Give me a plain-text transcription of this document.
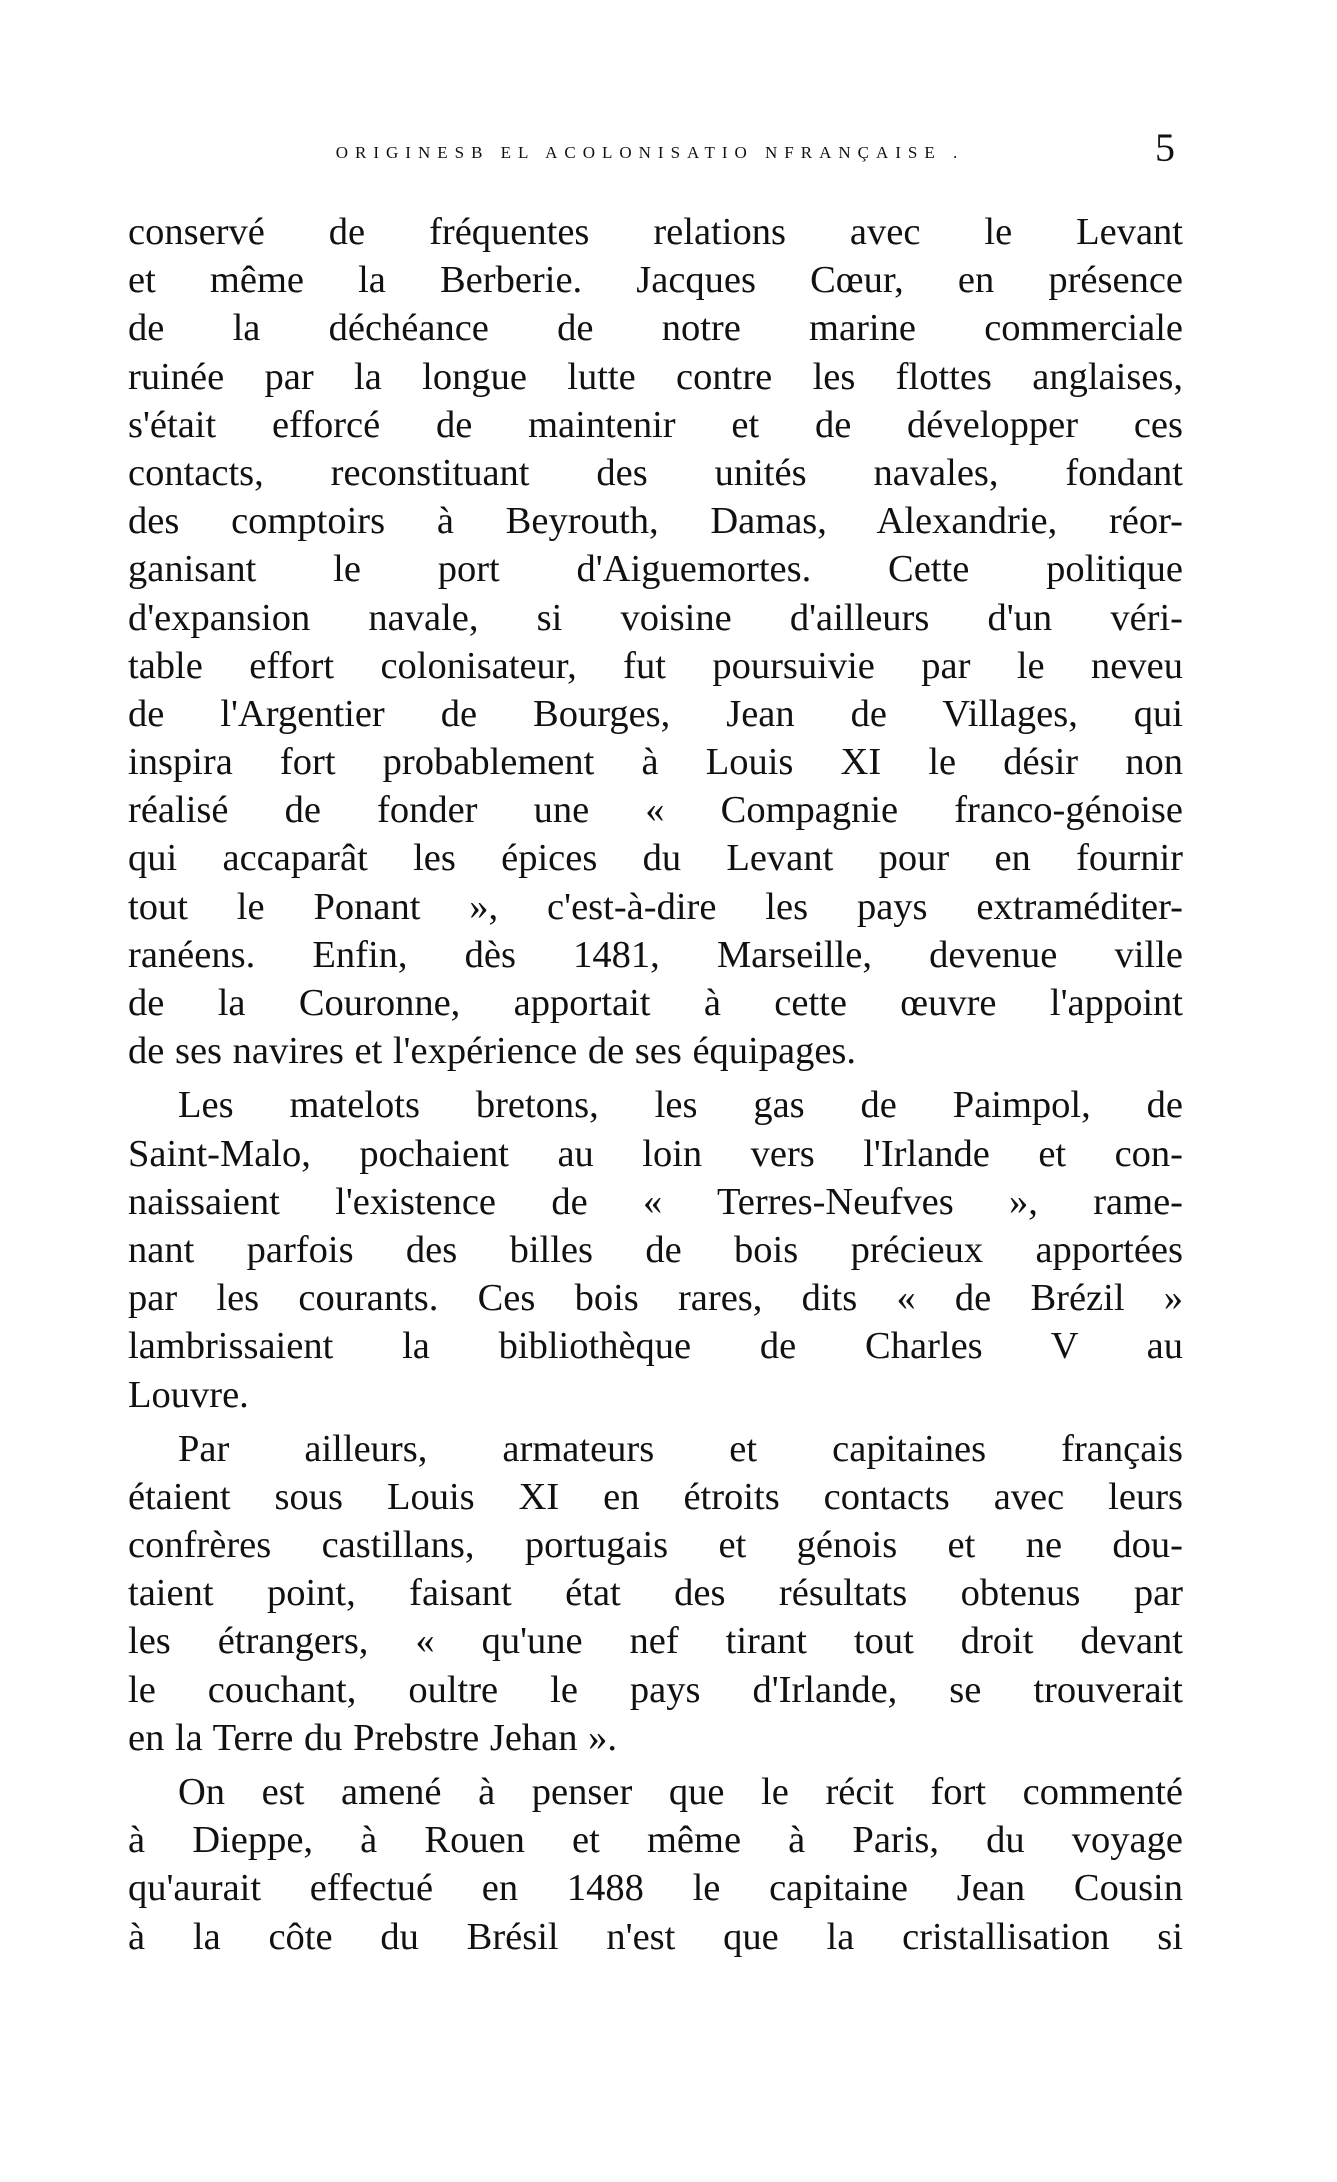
ORIGINESB EL ACOLONISATIO NFRANÇAISE .	5
conservé de fréquentes relations avec le Levant
et même la Berberie. Jacques Cœur, en présence
de la déchéance de notre marine commerciale
ruinée par la longue lutte contre les flottes anglaises,
s'était efforcé de maintenir et de développer ces
contacts, reconstituant des unités navales, fondant
des comptoirs à Beyrouth, Damas, Alexandrie, réor-
ganisant le port d'Aiguemortes. Cette politique
d'expansion navale, si voisine d'ailleurs d'un véri-
table effort colonisateur, fut poursuivie par le neveu
de l'Argentier de Bourges, Jean de Villages, qui
inspira fort probablement à Louis XI le désir non
réalisé de fonder une « Compagnie franco-génoise
qui accaparât les épices du Levant pour en fournir
tout le Ponant », c'est-à-dire les pays extraméditer-
ranéens. Enfin, dès 1481, Marseille, devenue ville
de la Couronne, apportait à cette œuvre l'appoint
de ses navires et l'expérience de ses équipages.
Les matelots bretons, les gas de Paimpol, de
Saint-Malo, pochaient au loin vers l'Irlande et con-
naissaient l'existence de « Terres-Neufves », rame-
nant parfois des billes de bois précieux apportées
par les courants. Ces bois rares, dits « de Brézil »
lambrissaient la bibliothèque de Charles V au
Louvre.
Par ailleurs, armateurs et capitaines français
étaient sous Louis XI en étroits contacts avec leurs
confrères castillans, portugais et génois et ne dou-
taient point, faisant état des résultats obtenus par
les étrangers, « qu'une nef tirant tout droit devant
le couchant, oultre le pays d'Irlande, se trouverait
en la Terre du Prebstre Jehan ».
On est amené à penser que le récit fort commenté
à Dieppe, à Rouen et même à Paris, du voyage
qu'aurait effectué en 1488 le capitaine Jean Cousin
à la côte du Brésil n'est que la cristallisation si
